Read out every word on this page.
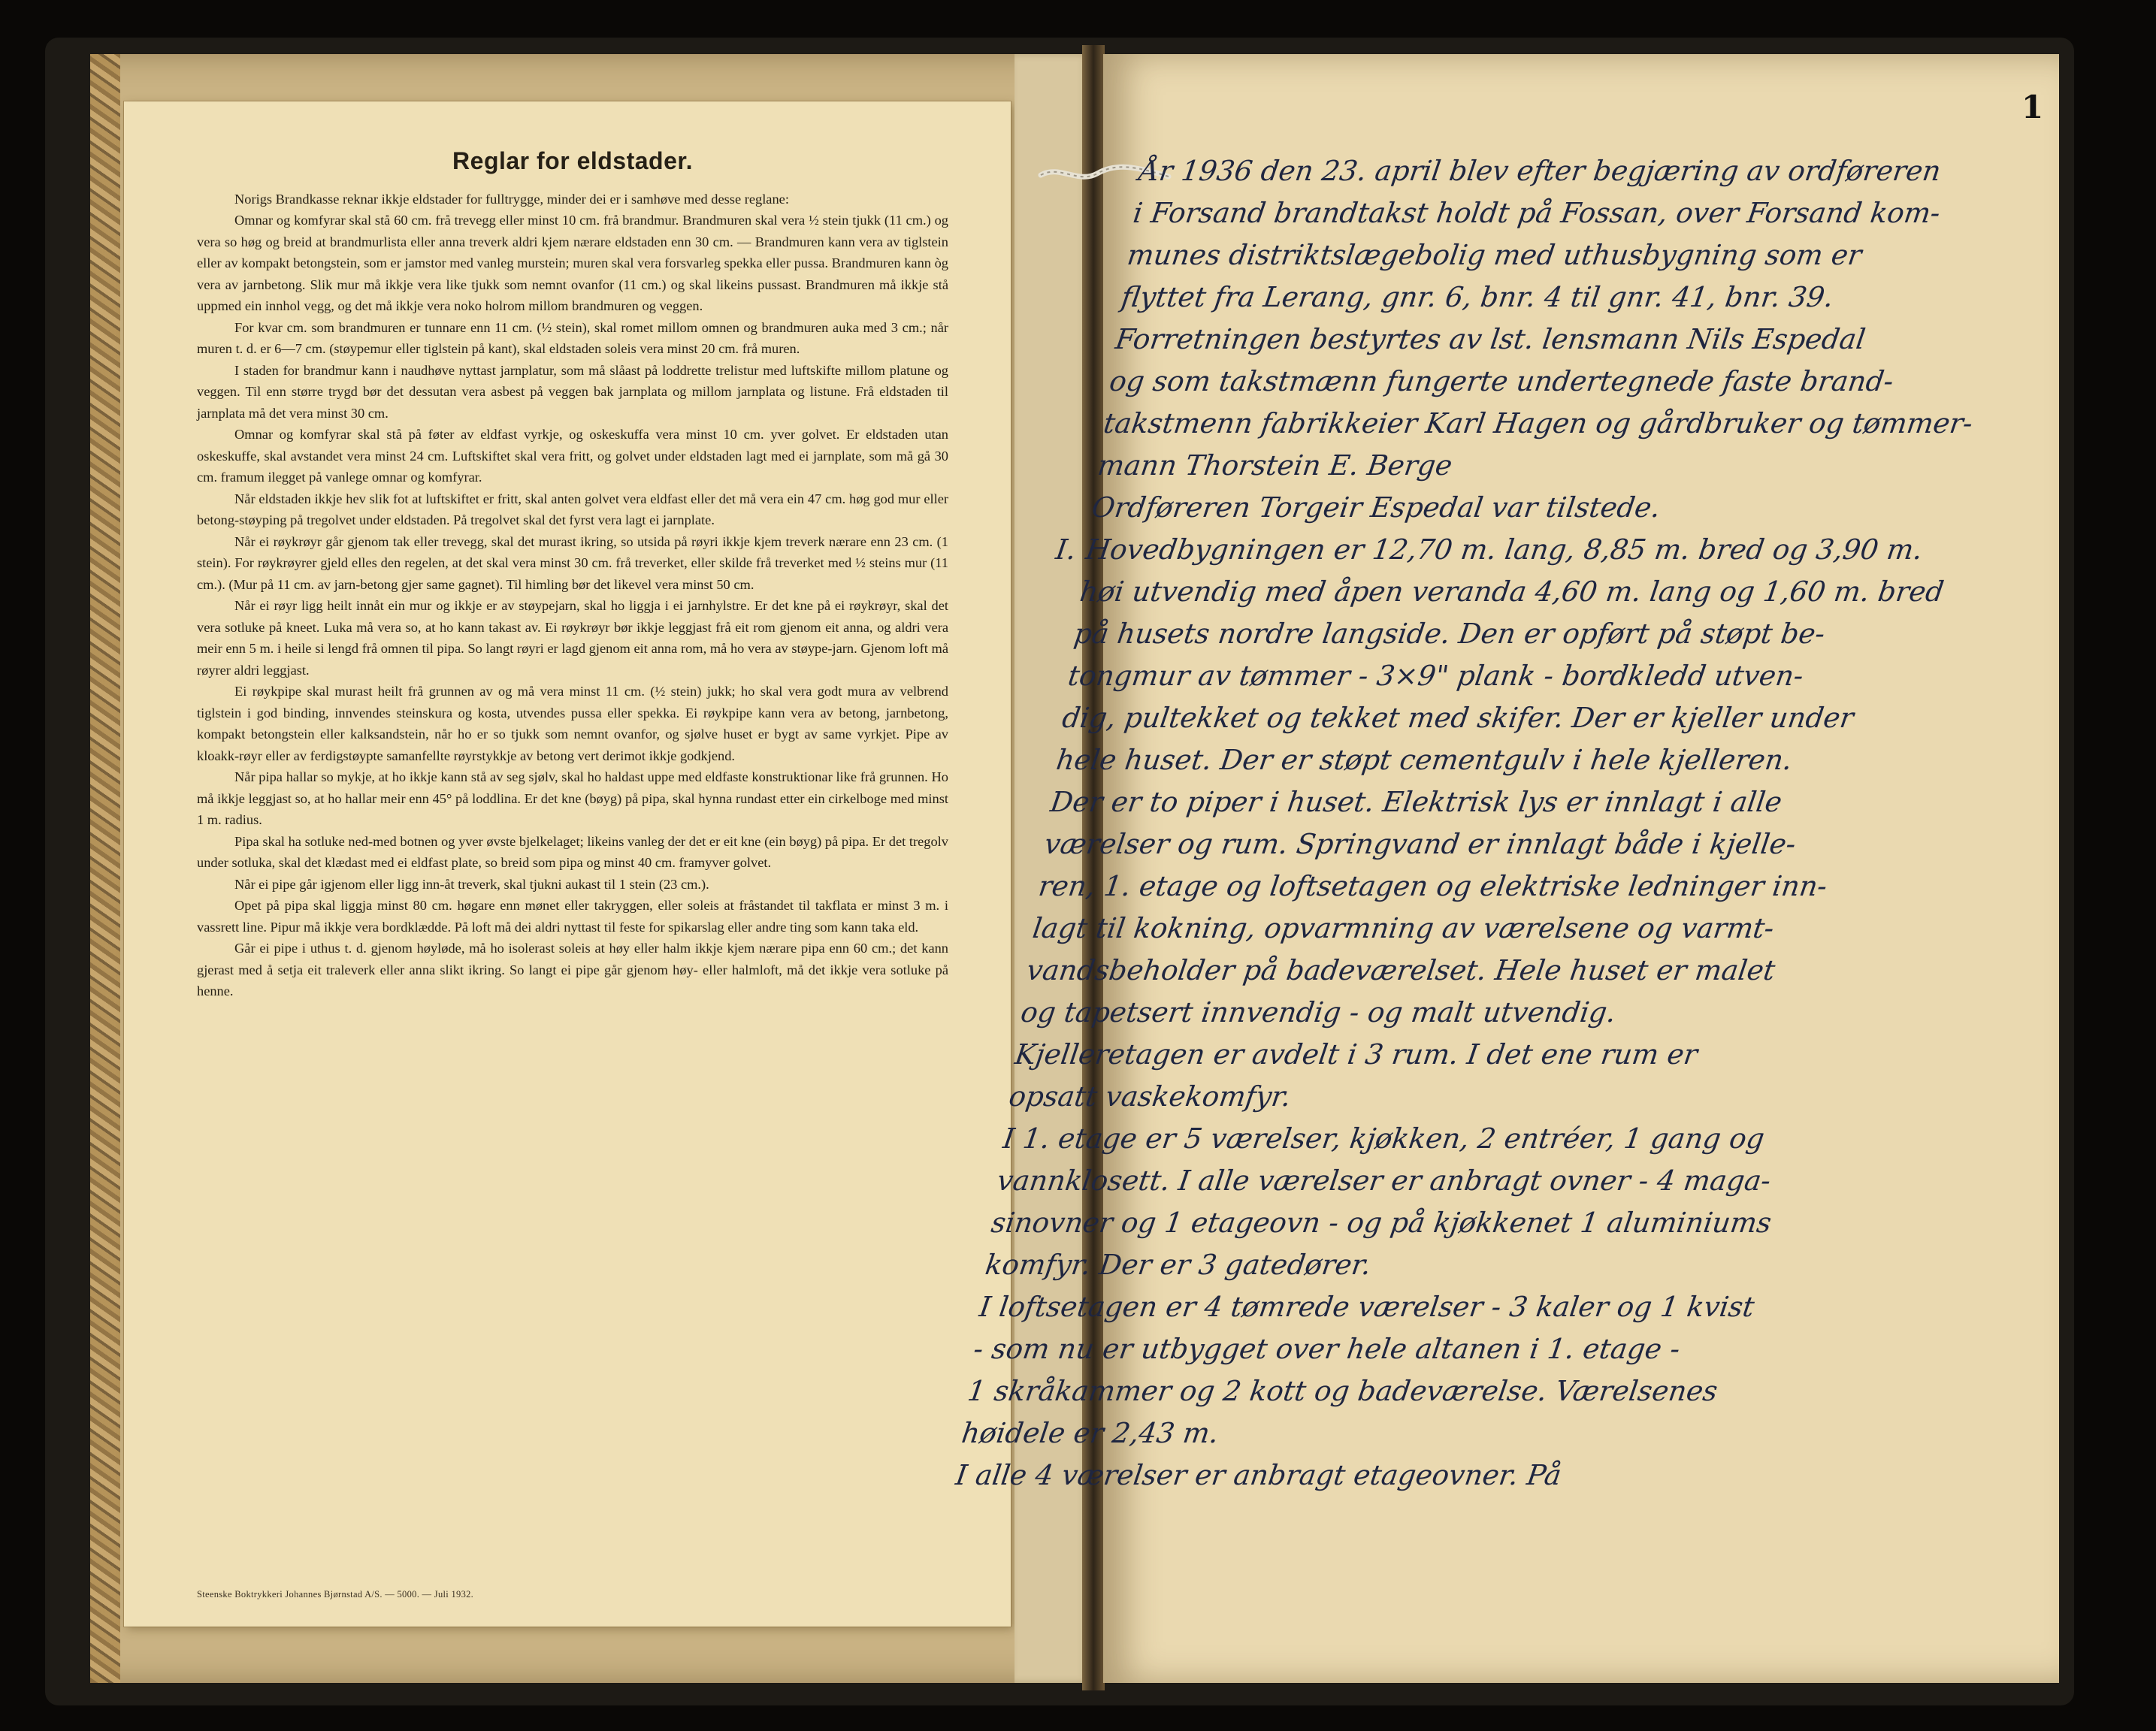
Reglar for eldstader.

Norigs Brandkasse reknar ikkje eldstader for fulltrygge, minder dei er i samhøve med desse reglane:

Omnar og komfyrar skal stå 60 cm. frå trevegg eller minst 10 cm. frå brandmur. Brandmuren skal vera ½ stein tjukk (11 cm.) og vera so høg og breid at brandmurlista eller anna treverk aldri kjem nærare eldstaden enn 30 cm. — Brandmuren kann vera av tiglstein eller av kompakt betongstein, som er jamstor med vanleg murstein; muren skal vera forsvarleg spekka eller pussa. Brandmuren kann òg vera av jarnbetong. Slik mur må ikkje vera like tjukk som nemnt ovanfor (11 cm.) og skal likeins pussast. Brandmuren må ikkje stå uppmed ein innhol vegg, og det må ikkje vera noko holrom millom brandmuren og veggen.

For kvar cm. som brandmuren er tunnare enn 11 cm. (½ stein), skal romet millom omnen og brandmuren auka med 3 cm.; når muren t. d. er 6—7 cm. (støypemur eller tiglstein på kant), skal eldstaden soleis vera minst 20 cm. frå muren.

I staden for brandmur kann i naudhøve nyttast jarnplatur, som må slåast på loddrette trelistur med luftskifte millom platune og veggen. Til enn større trygd bør det dessutan vera asbest på veggen bak jarnplata og millom jarnplata og listune. Frå eldstaden til jarnplata må det vera minst 30 cm.

Omnar og komfyrar skal stå på føter av eldfast vyrkje, og oskeskuffa vera minst 10 cm. yver golvet. Er eldstaden utan oskeskuffe, skal avstandet vera minst 24 cm. Luftskiftet skal vera fritt, og golvet under eldstaden lagt med ei jarnplate, som må gå 30 cm. framum ilegget på vanlege omnar og komfyrar.

Når eldstaden ikkje hev slik fot at luftskiftet er fritt, skal anten golvet vera eldfast eller det må vera ein 47 cm. høg god mur eller betong-støyping på tregolvet under eldstaden. På tregolvet skal det fyrst vera lagt ei jarnplate.

Når ei røykrøyr går gjenom tak eller trevegg, skal det murast ikring, so utsida på røyri ikkje kjem treverk nærare enn 23 cm. (1 stein). For røykrøyrer gjeld elles den regelen, at det skal vera minst 30 cm. frå treverket, eller skilde frå treverket med ½ steins mur (11 cm.). (Mur på 11 cm. av jarn-betong gjer same gagnet). Til himling bør det likevel vera minst 50 cm.

Når ei røyr ligg heilt innåt ein mur og ikkje er av støypejarn, skal ho liggja i ei jarnhylstre. Er det kne på ei røykrøyr, skal det vera sotluke på kneet. Luka må vera so, at ho kann takast av. Ei røykrøyr bør ikkje leggjast frå eit rom gjenom eit anna, og aldri vera meir enn 5 m. i heile si lengd frå omnen til pipa. So langt røyri er lagd gjenom eit anna rom, må ho vera av støype-jarn. Gjenom loft må røyrer aldri leggjast.

Ei røykpipe skal murast heilt frå grunnen av og må vera minst 11 cm. (½ stein) jukk; ho skal vera godt mura av velbrend tiglstein i god binding, innvendes steinskura og kosta, utvendes pussa eller spekka. Ei røykpipe kann vera av betong, jarnbetong, kompakt betongstein eller kalksandstein, når ho er so tjukk som nemnt ovanfor, og sjølve huset er bygt av same vyrkjet. Pipe av kloakk-røyr eller av ferdigstøypte samanfellte røyrstykkje av betong vert derimot ikkje godkjend.

Når pipa hallar so mykje, at ho ikkje kann stå av seg sjølv, skal ho haldast uppe med eldfaste konstruktionar like frå grunnen. Ho må ikkje leggjast so, at ho hallar meir enn 45° på loddlina. Er det kne (bøyg) på pipa, skal hynna rundast etter ein cirkelboge med minst 1 m. radius.

Pipa skal ha sotluke ned-med botnen og yver øvste bjelkelaget; likeins vanleg der det er eit kne (ein bøyg) på pipa. Er det tregolv under sotluka, skal det klædast med ei eldfast plate, so breid som pipa og minst 40 cm. framyver golvet.

Når ei pipe går igjenom eller ligg inn-åt treverk, skal tjukni aukast til 1 stein (23 cm.).

Opet på pipa skal liggja minst 80 cm. høgare enn mønet eller takryggen, eller soleis at fråstandet til takflata er minst 3 m. i vassrett line. Pipur må ikkje vera bordklædde. På loft må dei aldri nyttast til feste for spikarslag eller andre ting som kann taka eld.

Går ei pipe i uthus t. d. gjenom høyløde, må ho isolerast soleis at høy eller halm ikkje kjem nærare pipa enn 60 cm.; det kann gjerast med å setja eit traleverk eller anna slikt ikring. So langt ei pipe går gjenom høy- eller halmloft, må det ikkje vera sotluke på henne.

Steenske Boktrykkeri Johannes Bjørnstad A/S. — 5000. — Juli 1932.
1
År 1936 den 23. april blev efter begjæring av ordføreren
i Forsand brandtakst holdt på Fossan, over Forsand kom-
munes distriktslægebolig med uthusbygning som er
flyttet fra Lerang, gnr. 6, bnr. 4 til gnr. 41, bnr. 39.
Forretningen bestyrtes av lst. lensmann Nils Espedal
og som takstmænn fungerte undertegnede faste brand-
takstmenn fabrikkeier Karl Hagen og gårdbruker og tømmer-
mann Thorstein E. Berge
Ordføreren Torgeir Espedal var tilstede.
I. Hovedbygningen er 12,70 m. lang, 8,85 m. bred og 3,90 m.
høi utvendig med åpen veranda 4,60 m. lang og 1,60 m. bred
på husets nordre langside. Den er opført på støpt be-
tongmur av tømmer - 3×9" plank - bordkledd utven-
dig, pultekket og tekket med skifer. Der er kjeller under
hele huset. Der er støpt cementgulv i hele kjelleren.
Der er to piper i huset. Elektrisk lys er innlagt i alle
værelser og rum. Springvand er innlagt både i kjelle-
ren, 1. etage og loftsetagen og elektriske ledninger inn-
lagt til kokning, opvarmning av værelsene og varmt-
vandsbeholder på badeværelset. Hele huset er malet
og tapetsert innvendig - og malt utvendig.
Kjelleretagen er avdelt i 3 rum. I det ene rum er
opsatt vaskekomfyr.
I 1. etage er 5 værelser, kjøkken, 2 entréer, 1 gang og
vannklosett. I alle værelser er anbragt ovner - 4 maga-
sinovner og 1 etageovn - og på kjøkkenet 1 aluminiums
komfyr. Der er 3 gatedører.
I loftsetagen er 4 tømrede værelser - 3 kaler og 1 kvist
- som nu er utbygget over hele altanen i 1. etage -
1 skråkammer og 2 kott og badeværelse. Værelsenes
høidele er 2,43 m.
I alle 4 værelser er anbragt etageovner. På
